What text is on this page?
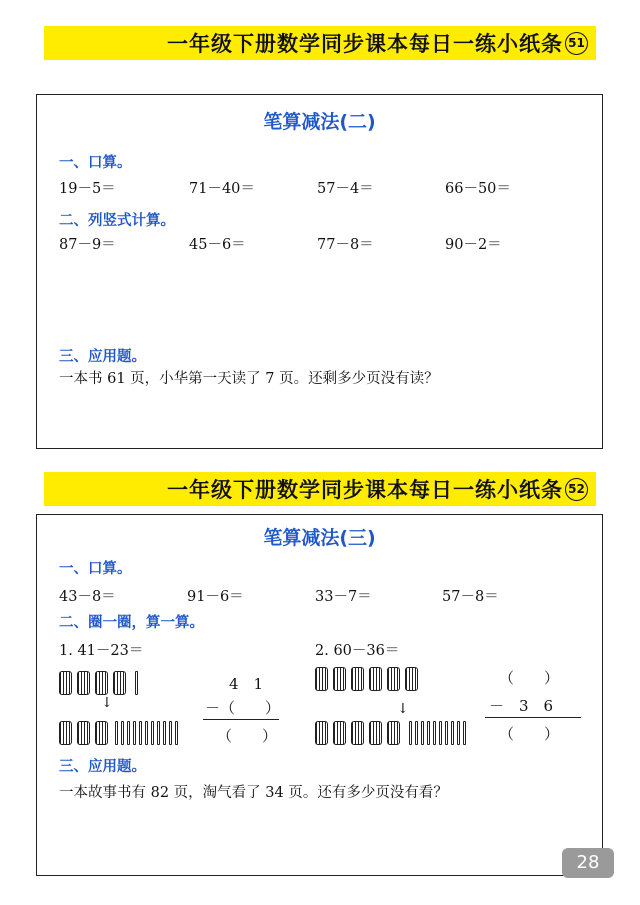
一年级下册数学同步课本每日一练小纸条 51
笔算减法(二)
一、口算。
19－5＝	71－40＝	57－4＝	66－50＝
二、列竖式计算。
87－9＝	45－6＝	77－8＝	90－2＝
三、应用题。
一本书 61 页，小华第一天读了 7 页。还剩多少页没有读？
一年级下册数学同步课本每日一练小纸条 52
笔算减法(三)
一、口算。
43－8＝	91－6＝	33－7＝	57－8＝
二、圈一圈，算一算。
1. 41－23＝	2. 60－36＝
↓
4　1
－（　　）
（　　）
↓
（　　）
－　3　6
（　　）
三、应用题。
一本故事书有 82 页，淘气看了 34 页。还有多少页没有看？
28
